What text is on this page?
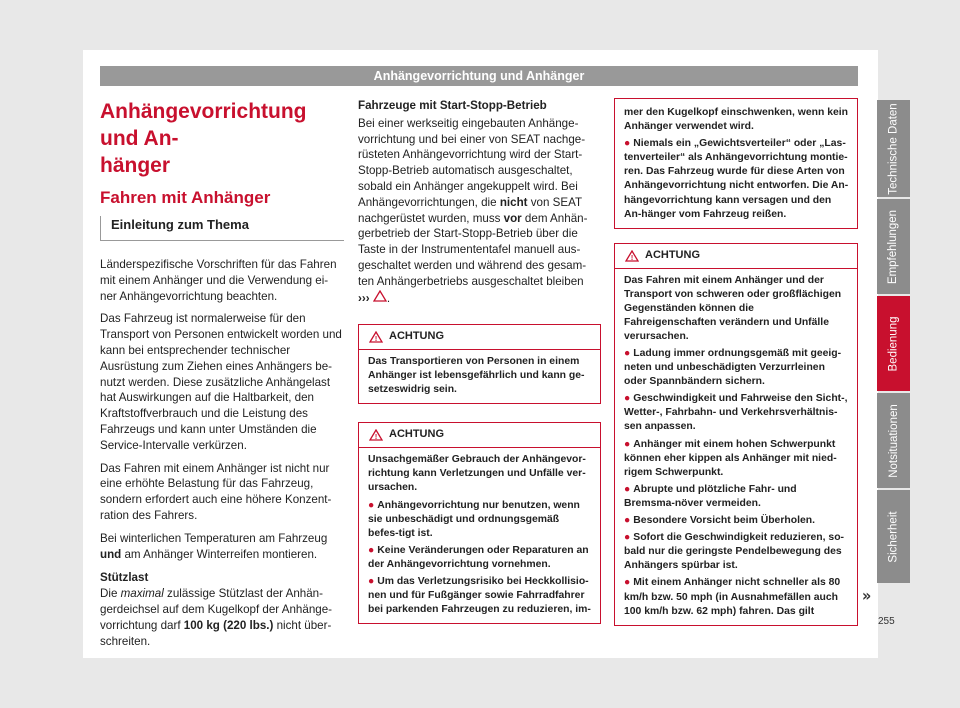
Anhängevorrichtung und Anhänger
Anhängevorrichtung und An-
hänger
Fahren mit Anhänger
Einleitung zum Thema

Länderspezifische Vorschriften für das Fahren mit einem Anhänger und die Verwendung ei-ner Anhängevorrichtung beachten.

Das Fahrzeug ist normalerweise für den Transport von Personen entwickelt worden und kann bei entsprechender technischer Ausrüstung zum Ziehen eines Anhängers be-nutzt werden. Diese zusätzliche Anhängelast hat Auswirkungen auf die Haltbarkeit, den Kraftstoffverbrauch und die Leistung des Fahrzeugs und kann unter Umständen die Service-Intervalle verkürzen.

Das Fahren mit einem Anhänger ist nicht nur eine erhöhte Belastung für das Fahrzeug, sondern erfordert auch eine höhere Konzent-ration des Fahrers.

Bei winterlichen Temperaturen am Fahrzeug und am Anhänger Winterreifen montieren.

Stützlast

Die maximal zulässige Stützlast der Anhän-gerdeichsel auf dem Kugelkopf der Anhänge-vorrichtung darf 100 kg (220 lbs.) nicht über-schreiten.

Fahrzeuge mit Start-Stopp-Betrieb

Bei einer werkseitig eingebauten Anhänge-vorrichtung und bei einer von SEAT nachge-rüsteten Anhängevorrichtung wird der Start-Stopp-Betrieb automatisch ausgeschaltet, sobald ein Anhänger angekuppelt wird. Bei Anhängevorrichtungen, die nicht von SEAT nachgerüstet wurden, muss vor dem Anhän-gerbetrieb der Start-Stopp-Betrieb über die Taste in der Instrumententafel manuell aus-geschaltet werden und während des gesam-ten Anhängerbetriebs ausgeschaltet bleiben
››› .

! ACHTUNG
Das Transportieren von Personen in einem Anhänger ist lebensgefährlich und kann ge-setzeswidrig sein.
! ACHTUNG
Unsachgemäßer Gebrauch der Anhängevor-richtung kann Verletzungen und Unfälle ver-ursachen.
● Anhängevorrichtung nur benutzen, wenn sie unbeschädigt und ordnungsgemäß befes-tigt ist.
● Keine Veränderungen oder Reparaturen an der Anhängevorrichtung vornehmen.
● Um das Verletzungsrisiko bei Heckkollisio-nen und für Fußgänger sowie Fahrradfahrer bei parkenden Fahrzeugen zu reduzieren, im-
mer den Kugelkopf einschwenken, wenn kein Anhänger verwendet wird.
● Niemals ein „Gewichtsverteiler“ oder „Las-tenverteiler“ als Anhängevorrichtung montie-ren. Das Fahrzeug wurde für diese Arten von Anhängevorrichtung nicht entworfen. Die An-hängevorrichtung kann versagen und den An-hänger vom Fahrzeug reißen.
! ACHTUNG
Das Fahren mit einem Anhänger und der Transport von schweren oder großflächigen Gegenständen können die Fahreigenschaften verändern und Unfälle verursachen.
● Ladung immer ordnungsgemäß mit geeig-neten und unbeschädigten Verzurrleinen oder Spannbändern sichern.
● Geschwindigkeit und Fahrweise den Sicht-, Wetter-, Fahrbahn- und Verkehrsverhältnis-sen anpassen.
● Anhänger mit einem hohen Schwerpunkt können eher kippen als Anhänger mit nied-rigem Schwerpunkt.
● Abrupte und plötzliche Fahr- und Bremsma-növer vermeiden.
● Besondere Vorsicht beim Überholen.
● Sofort die Geschwindigkeit reduzieren, so-bald nur die geringste Pendelbewegung des Anhängers spürbar ist.
● Mit einem Anhänger nicht schneller als 80 km/h bzw. 50 mph (in Ausnahmefällen auch 100 km/h bzw. 62 mph) fahren. Das gilt
Technische Daten
Empfehlungen
Bedienung
Notsituationen
Sicherheit
»
255
